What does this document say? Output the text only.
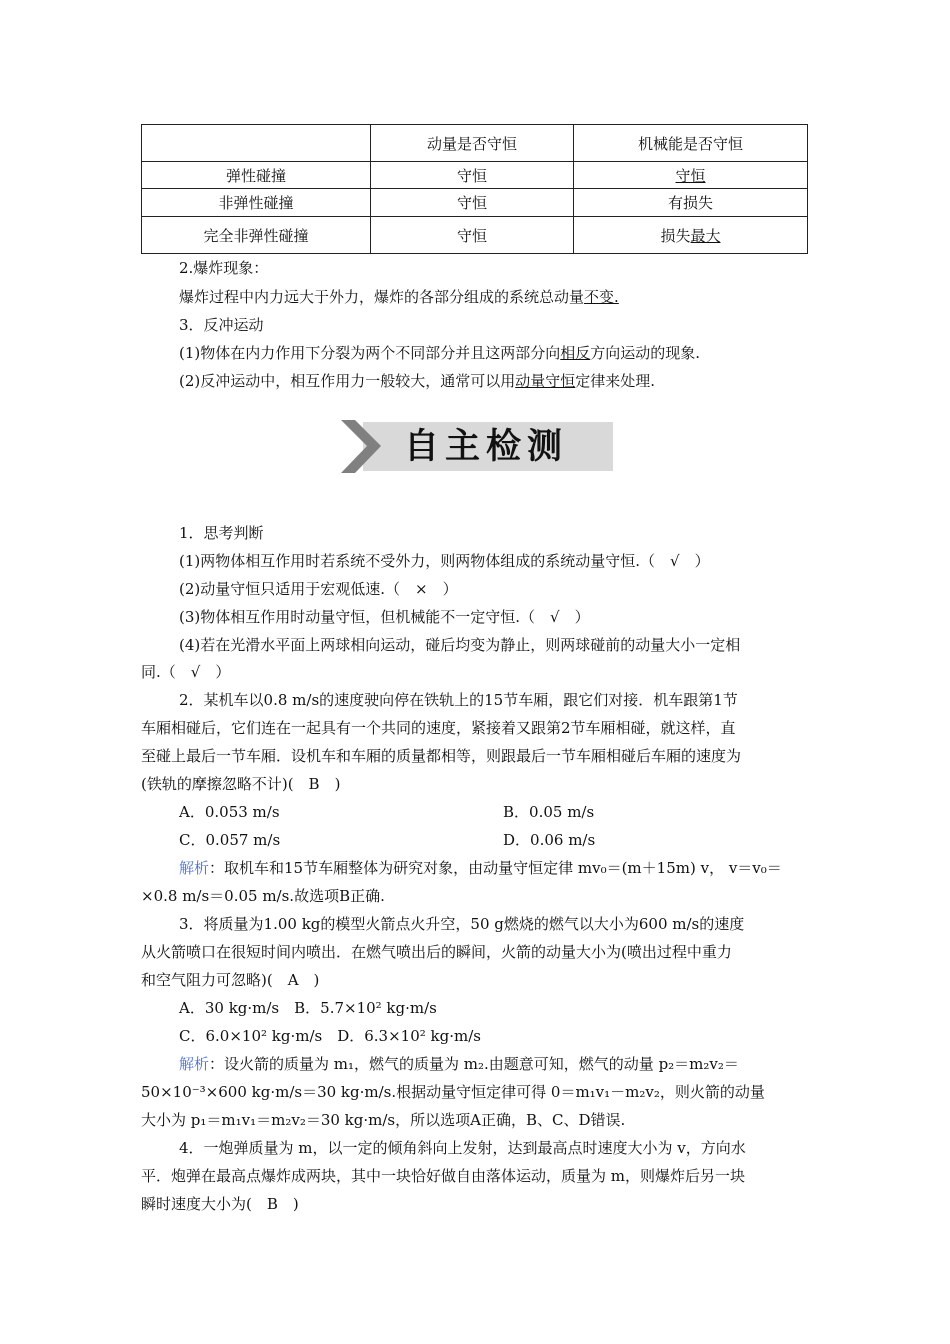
	动量是否守恒	机械能是否守恒
弹性碰撞	守恒	守恒
非弹性碰撞	守恒	有损失
完全非弹性碰撞	守恒	损失最大
2.爆炸现象：
爆炸过程中内力远大于外力，爆炸的各部分组成的系统总动量不变.
3．反冲运动
(1)物体在内力作用下分裂为两个不同部分并且这两部分向相反方向运动的现象.
(2)反冲运动中，相互作用力一般较大，通常可以用动量守恒定律来处理.
自主检测
1．思考判断
(1)两物体相互作用时若系统不受外力，则两物体组成的系统动量守恒.（　√　）
(2)动量守恒只适用于宏观低速.（　×　）
(3)物体相互作用时动量守恒，但机械能不一定守恒.（　√　）
(4)若在光滑水平面上两球相向运动，碰后均变为静止，则两球碰前的动量大小一定相
同.（　√　）
2．某机车以0.8 m/s的速度驶向停在铁轨上的15节车厢，跟它们对接．机车跟第1节
车厢相碰后，它们连在一起具有一个共同的速度，紧接着又跟第2节车厢相碰，就这样，直
至碰上最后一节车厢．设机车和车厢的质量都相等，则跟最后一节车厢相碰后车厢的速度为
(铁轨的摩擦忽略不计)(　B　)
A．0.053 m/s	B．0.05 m/s
C．0.057 m/s	D．0.06 m/s
解析：取机车和15节车厢整体为研究对象，由动量守恒定律 mv₀＝(m＋15m) v， v＝v₀＝
×0.8 m/s＝0.05 m/s.故选项B正确.
3．将质量为1.00 kg的模型火箭点火升空，50 g燃烧的燃气以大小为600 m/s的速度
从火箭喷口在很短时间内喷出．在燃气喷出后的瞬间，火箭的动量大小为(喷出过程中重力
和空气阻力可忽略)(　A　)
A．30 kg·m/s　B．5.7×10² kg·m/s
C．6.0×10² kg·m/s　D．6.3×10² kg·m/s
解析：设火箭的质量为 m₁，燃气的质量为 m₂.由题意可知，燃气的动量 p₂＝m₂v₂＝
50×10⁻³×600 kg·m/s＝30 kg·m/s.根据动量守恒定律可得 0＝m₁v₁－m₂v₂，则火箭的动量
大小为 p₁＝m₁v₁＝m₂v₂＝30 kg·m/s，所以选项A正确，B、C、D错误.
4．一炮弹质量为 m，以一定的倾角斜向上发射，达到最高点时速度大小为 v，方向水
平．炮弹在最高点爆炸成两块，其中一块恰好做自由落体运动，质量为 m，则爆炸后另一块
瞬时速度大小为(　B　)
